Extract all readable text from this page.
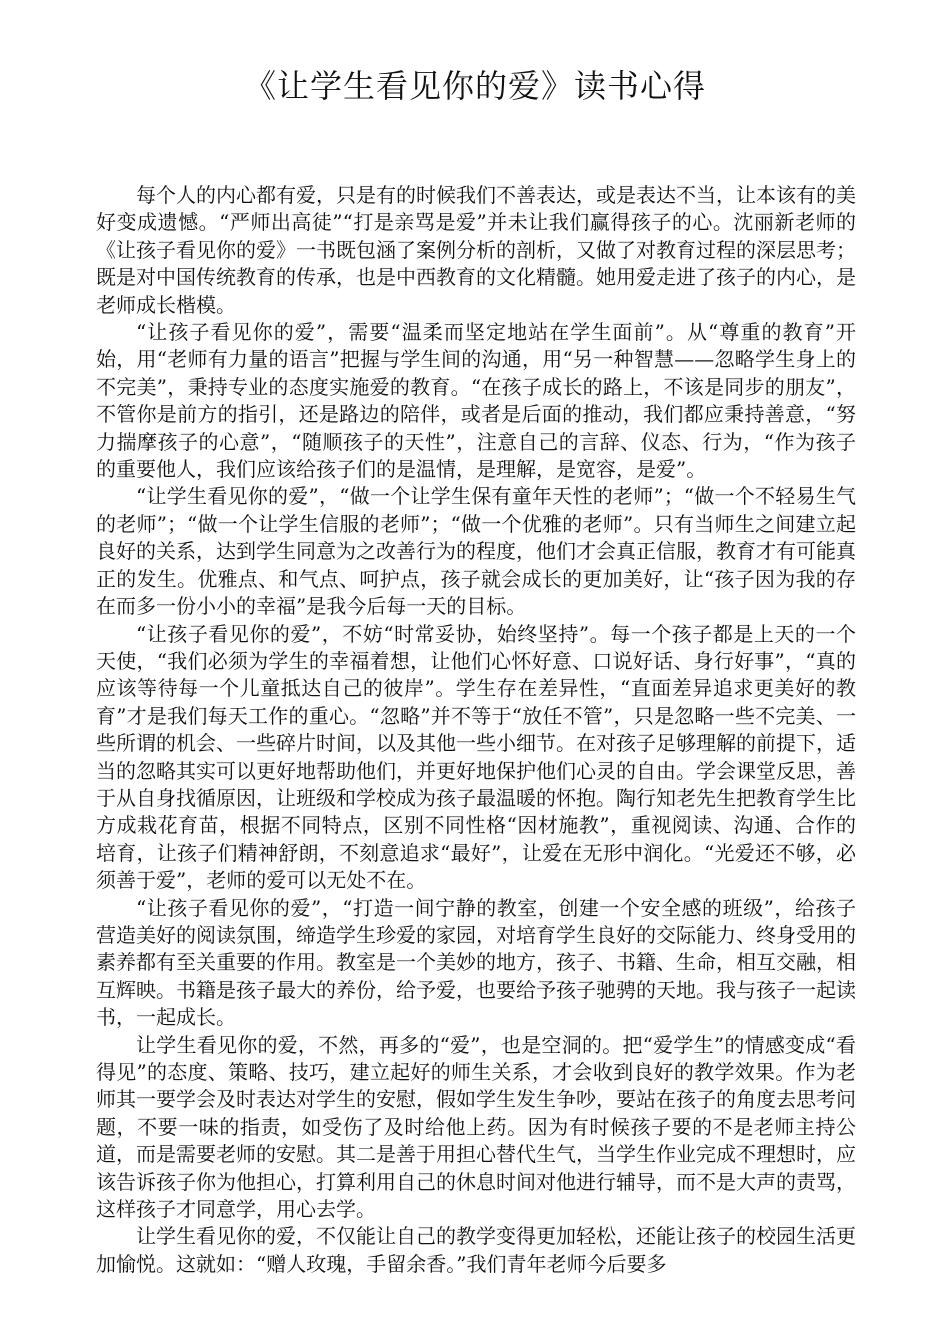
《让学生看见你的爱》读书心得

每个人的内心都有爱，只是有的时候我们不善表达，或是表达不当，让本该有的美好变成遗憾。“严师出高徒”“打是亲骂是爱”并未让我们赢得孩子的心。沈丽新老师的《让孩子看见你的爱》一书既包涵了案例分析的剖析，又做了对教育过程的深层思考；既是对中国传统教育的传承，也是中西教育的文化精髓。她用爱走进了孩子的内心，是老师成长楷模。

“让孩子看见你的爱”，需要“温柔而坚定地站在学生面前”。从“尊重的教育”开始，用“老师有力量的语言”把握与学生间的沟通，用“另一种智慧——忽略学生身上的不完美”，秉持专业的态度实施爱的教育。“在孩子成长的路上，不该是同步的朋友”，不管你是前方的指引，还是路边的陪伴，或者是后面的推动，我们都应秉持善意，“努力揣摩孩子的心意”，“随顺孩子的天性”，注意自己的言辞、仪态、行为，“作为孩子的重要他人，我们应该给孩子们的是温情，是理解，是宽容，是爱”。

“让学生看见你的爱”，“做一个让学生保有童年天性的老师”；“做一个不轻易生气的老师”；“做一个让学生信服的老师”；“做一个优雅的老师”。只有当师生之间建立起良好的关系，达到学生同意为之改善行为的程度，他们才会真正信服，教育才有可能真正的发生。优雅点、和气点、呵护点，孩子就会成长的更加美好，让“孩子因为我的存在而多一份小小的幸福”是我今后每一天的目标。

“让孩子看见你的爱”，不妨“时常妥协，始终坚持”。每一个孩子都是上天的一个天使，“我们必须为学生的幸福着想，让他们心怀好意、口说好话、身行好事”，“真的应该等待每一个儿童抵达自己的彼岸”。学生存在差异性，“直面差异追求更美好的教育”才是我们每天工作的重心。“忽略”并不等于“放任不管”，只是忽略一些不完美、一些所谓的机会、一些碎片时间，以及其他一些小细节。在对孩子足够理解的前提下，适当的忽略其实可以更好地帮助他们，并更好地保护他们心灵的自由。学会课堂反思，善于从自身找循原因，让班级和学校成为孩子最温暖的怀抱。陶行知老先生把教育学生比方成栽花育苗，根据不同特点，区别不同性格“因材施教”，重视阅读、沟通、合作的培育，让孩子们精神舒朗，不刻意追求“最好”，让爱在无形中润化。“光爱还不够，必须善于爱”，老师的爱可以无处不在。

“让孩子看见你的爱”，“打造一间宁静的教室，创建一个安全感的班级”，给孩子营造美好的阅读氛围，缔造学生珍爱的家园，对培育学生良好的交际能力、终身受用的素养都有至关重要的作用。教室是一个美妙的地方，孩子、书籍、生命，相互交融，相互辉映。书籍是孩子最大的养份，给予爱，也要给予孩子驰骋的天地。我与孩子一起读书，一起成长。

让学生看见你的爱，不然，再多的“爱”，也是空洞的。把“爱学生”的情感变成“看得见”的态度、策略、技巧，建立起好的师生关系，才会收到良好的教学效果。作为老师其一要学会及时表达对学生的安慰，假如学生发生争吵，要站在孩子的角度去思考问题，不要一味的指责，如受伤了及时给他上药。因为有时候孩子要的不是老师主持公道，而是需要老师的安慰。其二是善于用担心替代生气，当学生作业完成不理想时，应该告诉孩子你为他担心，打算利用自己的休息时间对他进行辅导，而不是大声的责骂，这样孩子才同意学，用心去学。

让学生看见你的爱，不仅能让自己的教学变得更加轻松，还能让孩子的校园生活更加愉悦。这就如：“赠人玫瑰，手留余香。”我们青年老师今后要多
